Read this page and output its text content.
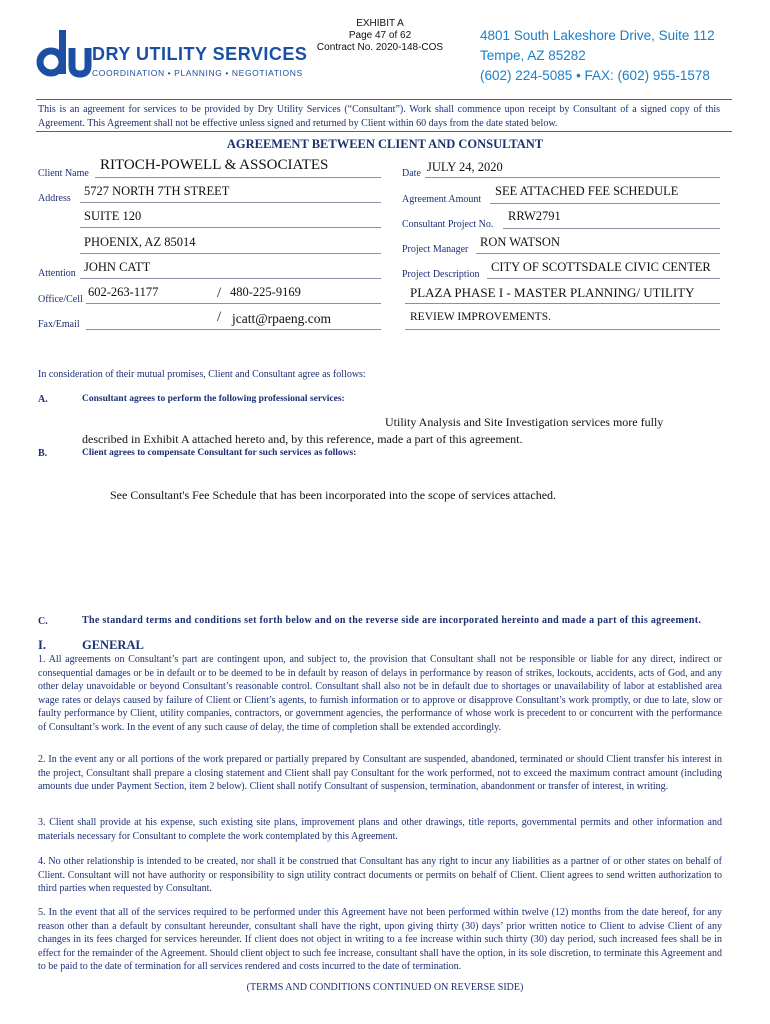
EXHIBIT A
Page 47 of 62
Contract No. 2020-148-COS
DRY UTILITY SERVICES
COORDINATION • PLANNING • NEGOTIATIONS
4801 South Lakeshore Drive, Suite 112
Tempe, AZ 85282
(602) 224-5085 • FAX: (602) 955-1578
This is an agreement for services to be provided by Dry Utility Services (“Consultant”). Work shall commence upon receipt by Consultant of a signed copy of this Agreement. This Agreement shall not be effective unless signed and returned by Client within 60 days from the date stated below.
AGREEMENT BETWEEN CLIENT AND CONSULTANT
Client Name
RITOCH-POWELL & ASSOCIATES
Address
5727 NORTH 7TH STREET
SUITE 120
PHOENIX, AZ 85014
Attention JOHN CATT
Office/Cell
602-263-1177	/ 480-225-9169
Fax/Email	/ jcatt@rpaeng.com
Date JULY 24, 2020
Agreement Amount
SEE ATTACHED FEE SCHEDULE
Consultant Project No.
RRW2791
Project Manager
RON WATSON
Project Description
CITY OF SCOTTSDALE CIVIC CENTER
PLAZA PHASE I - MASTER PLANNING/ UTILITY
REVIEW IMPROVEMENTS.
In consideration of their mutual promises, Client and Consultant agree as follows:
A.	Consultant agrees to perform the following professional services:
Utility Analysis and Site Investigation services more fully
described in Exhibit A attached hereto and, by this reference, made a part of this agreement.
B.	Client agrees to compensate Consultant for such services as follows:
See Consultant's Fee Schedule that has been incorporated into the scope of services attached.
C.	The standard terms and conditions set forth below and on the reverse side are incorporated hereinto and made a part of this agreement.
I.	GENERAL
1. All agreements on Consultant’s part are contingent upon, and subject to, the provision that Consultant shall not be responsible or liable for any direct, indirect or consequential damages or be in default or to be deemed to be in default by reason of delays in performance by reason of strikes, lockouts, accidents, acts of God, and any other delay unavoidable or beyond Consultant’s reasonable control. Consultant shall also not be in default due to shortages or unavailability of labor at established area wage rates or delays caused by failure of Client or Client’s agents, to furnish information or to approve or disapprove Consultant’s work promptly, or due to late, slow or faulty performance by Client, utility companies, contractors, or government agencies, the performance of whose work is precedent to or concurrent with the performance of Consultant’s work. In the event of any such cause of delay, the time of completion shall be extended accordingly.
2. In the event any or all portions of the work prepared or partially prepared by Consultant are suspended, abandoned, terminated or should Client transfer his interest in the project, Consultant shall prepare a closing statement and Client shall pay Consultant for the work performed, not to exceed the maximum contract amount (including amounts due under Payment Section, item 2 below). Client shall notify Consultant of suspension, termination, abandonment or transfer of interest, in writing.
3. Client shall provide at his expense, such existing site plans, improvement plans and other drawings, title reports, governmental permits and other information and materials necessary for Consultant to complete the work contemplated by this Agreement.
4. No other relationship is intended to be created, nor shall it be construed that Consultant has any right to incur any liabilities as a partner of or other states on behalf of Client. Consultant will not have authority or responsibility to sign utility contract documents or permits on behalf of Client. Client agrees to send written authorization to third parties when requested by Consultant.
5. In the event that all of the services required to be performed under this Agreement have not been performed within twelve (12) months from the date hereof, for any reason other than a default by consultant hereunder, consultant shall have the right, upon giving thirty (30) days’ prior written notice to Client to advise Client of any changes in its fees charged for services hereunder. If client does not object in writing to a fee increase within such thirty (30) day period, such increased fees shall be in effect for the remainder of the Agreement. Should client object to such fee increase, consultant shall have the option, in its sole discretion, to terminate this Agreement and to be paid to the date of termination for all services rendered and costs incurred to the date of termination.
(TERMS AND CONDITIONS CONTINUED ON REVERSE SIDE)
